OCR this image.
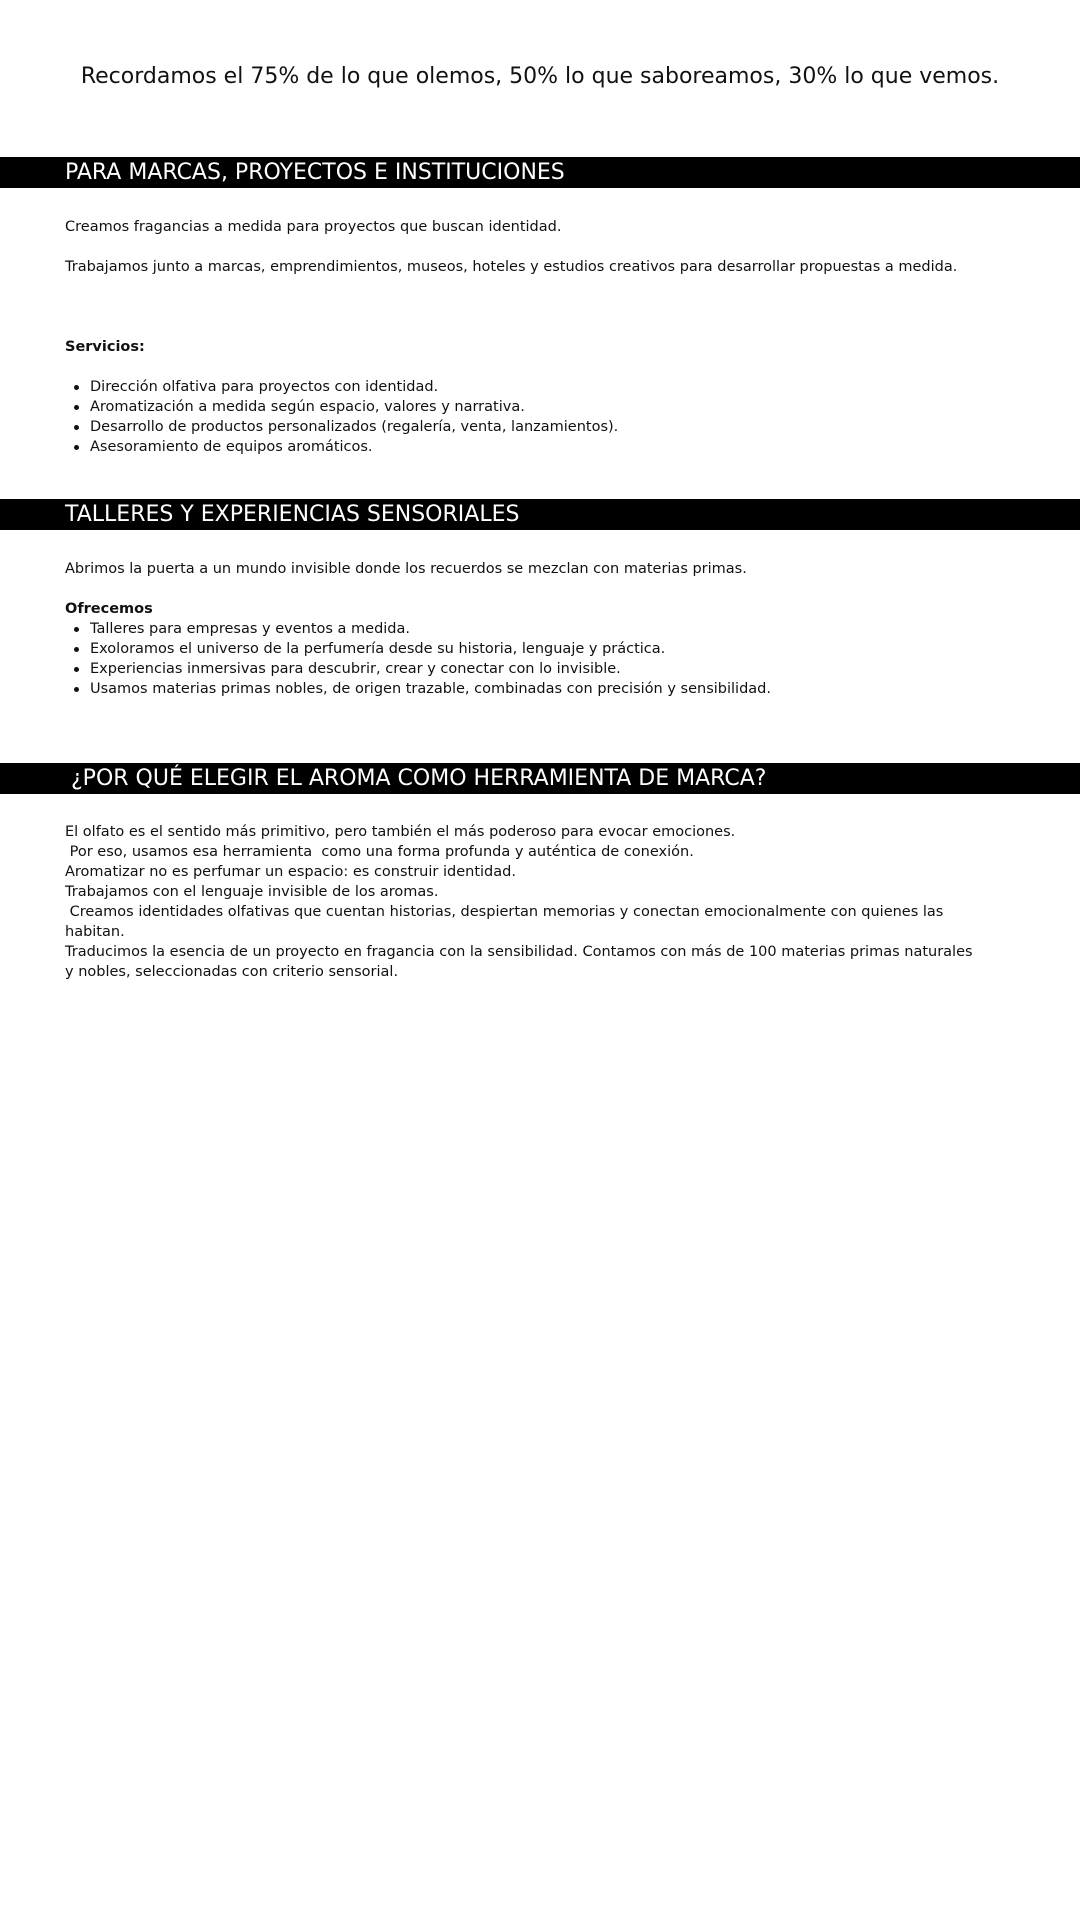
Recordamos el 75% de lo que olemos, 50% lo que saboreamos, 30% lo que vemos.
PARA MARCAS, PROYECTOS E INSTITUCIONES

Creamos fragancias a medida para proyectos que buscan identidad.

Trabajamos junto a marcas, emprendimientos, museos, hoteles y estudios creativos para desarrollar propuestas a medida.

Servicios:

Dirección olfativa para proyectos con identidad.
Aromatización a medida según espacio, valores y narrativa.
Desarrollo de productos personalizados (regalería, venta, lanzamientos).
Asesoramiento de equipos aromáticos.
TALLERES Y EXPERIENCIAS SENSORIALES

Abrimos la puerta a un mundo invisible donde los recuerdos se mezclan con materias primas.

Ofrecemos

Talleres para empresas y eventos a medida.
Exoloramos el universo de la perfumería desde su historia, lenguaje y práctica.
Experiencias inmersivas para descubrir, crear y conectar con lo invisible.
Usamos materias primas nobles, de origen trazable, combinadas con precisión y sensibilidad.
¿POR QUÉ ELEGIR EL AROMA COMO HERRAMIENTA DE MARCA?

El olfato es el sentido más primitivo, pero también el más poderoso para evocar emociones.

Por eso, usamos esa herramienta  como una forma profunda y auténtica de conexión.

Aromatizar no es perfumar un espacio: es construir identidad.

Trabajamos con el lenguaje invisible de los aromas.

Creamos identidades olfativas que cuentan historias, despiertan memorias y conectan emocionalmente con quienes las habitan.

Traducimos la esencia de un proyecto en fragancia con la sensibilidad. Contamos con más de 100 materias primas naturales y nobles, seleccionadas con criterio sensorial.
